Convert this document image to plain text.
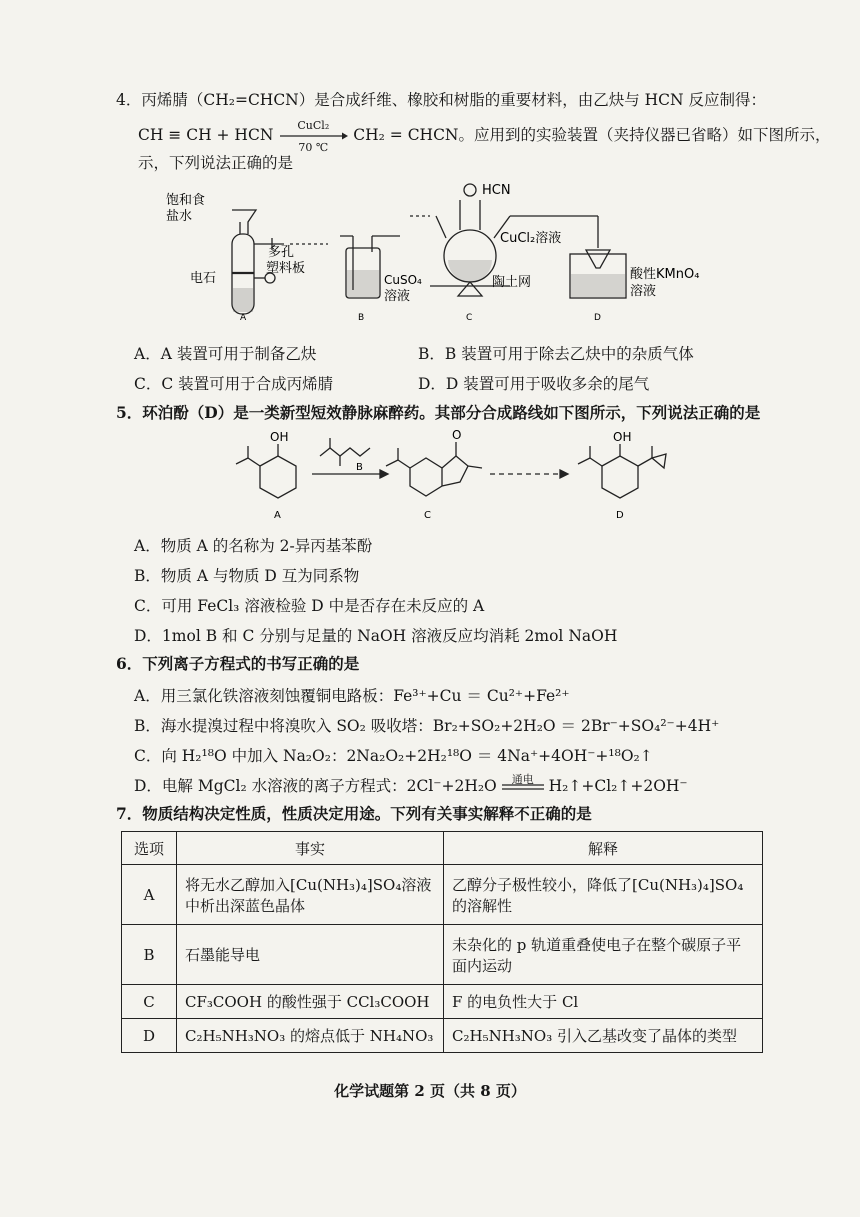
4．丙烯腈（CH₂=CHCN）是合成纤维、橡胶和树脂的重要材料，由乙炔与 HCN 反应制得：
CH ≡ CH + HCN
CuCl₂
70 ℃
CH₂ = CHCN。应用到的实验装置（夹持仪器已省略）如下图所示，
示，下列说法正确的是
饱和食
盐水
多孔
塑料板
电石	CuSO₄
溶液
HCN
CuCl₂溶液
陶土网
酸性KMnO₄
溶液
A	B	C	D
A．A 装置可用于制备乙炔	B．B 装置可用于除去乙炔中的杂质气体
C．C 装置可用于合成丙烯腈	D．D 装置可用于吸收多余的尾气
5．环泊酚（D）是一类新型短效静脉麻醉药。其部分合成路线如下图所示，下列说法正确的是
OH	O	OH
A
B
C	D
A．物质 A 的名称为 2-异丙基苯酚
B．物质 A 与物质 D 互为同系物
C．可用 FeCl₃ 溶液检验 D 中是否存在未反应的 A
D．1mol B 和 C 分别与足量的 NaOH 溶液反应均消耗 2mol NaOH
6．下列离子方程式的书写正确的是
A．用三氯化铁溶液刻蚀覆铜电路板：Fe³⁺+Cu ＝ Cu²⁺+Fe²⁺
B．海水提溴过程中将溴吹入 SO₂ 吸收塔：Br₂+SO₂+2H₂O ＝ 2Br⁻+SO₄²⁻+4H⁺
C．向 H₂¹⁸O 中加入 Na₂O₂：2Na₂O₂+2H₂¹⁸O ＝ 4Na⁺+4OH⁻+¹⁸O₂↑
D．电解 MgCl₂ 水溶液的离子方程式：2Cl⁻+2H₂O	通电 H₂↑+Cl₂↑+2OH⁻
7．物质结构决定性质，性质决定用途。下列有关事实解释不正确的是
选项	事实	解释
A	将无水乙醇加入[Cu(NH₃)₄]SO₄溶液中析出深蓝色晶体	乙醇分子极性较小，降低了[Cu(NH₃)₄]SO₄的溶解性
B	石墨能导电	未杂化的 p 轨道重叠使电子在整个碳原子平面内运动
C	CF₃COOH 的酸性强于 CCl₃COOH	F 的电负性大于 Cl
D	C₂H₅NH₃NO₃ 的熔点低于 NH₄NO₃	C₂H₅NH₃NO₃ 引入乙基改变了晶体的类型
化学试题第 2 页（共 8 页）
